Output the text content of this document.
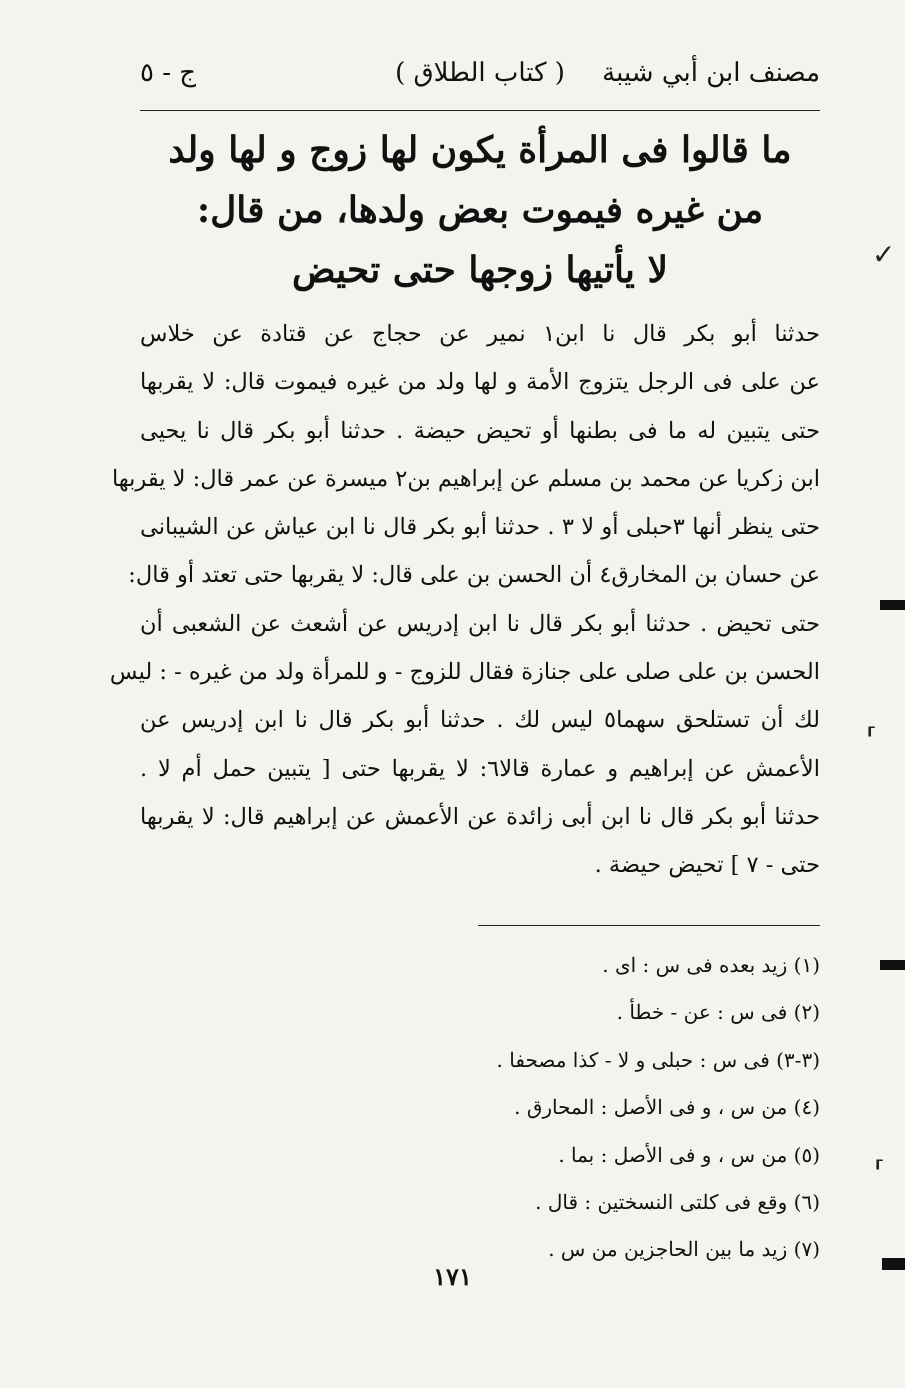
مصنف ابن أبي شيبة
( كتاب الطلاق )
ج - ٥
ما قالوا فى المرأة يكون لها زوج و لها ولد
من غيره فيموت بعض ولدها، من قال:
لا يأتيها زوجها حتى تحيض
حدثنا أبو بكر قال نا ابن١ نمير عن حجاج عن قتادة عن خلاس
عن على فى الرجل يتزوج الأمة و لها ولد من غيره فيموت قال: لا يقربها
حتى يتبين له ما فى بطنها أو تحيض حيضة . حدثنا أبو بكر قال نا يحيى
ابن زكريا عن محمد بن مسلم عن إبراهيم بن٢ ميسرة عن عمر قال: لا يقربها
حتى ينظر أنها ٣حبلى أو لا ٣ . حدثنا أبو بكر قال نا ابن عياش عن الشيبانى
عن حسان بن المخارق٤ أن الحسن بن على قال: لا يقربها حتى تعتد أو قال:
حتى تحيض . حدثنا أبو بكر قال نا ابن إدريس عن أشعث عن الشعبى أن
الحسن بن على صلى على جنازة فقال للزوج - و للمرأة ولد من غيره - : ليس
لك أن تستلحق سهما٥ ليس لك . حدثنا أبو بكر قال نا ابن إدريس عن
الأعمش عن إبراهيم و عمارة قالا٦: لا يقربها حتى [ يتبين حمل أم لا .
حدثنا أبو بكر قال نا ابن أبى زائدة عن الأعمش عن إبراهيم قال: لا يقربها
حتى - ٧ ] تحيض حيضة .
(١) زيد بعده فى س : اى .
(٢) فى س : عن - خطأ .
(٣-٣) فى س : حبلى و لا - كذا مصحفا .
(٤) من س ، و فى الأصل : المحارق .
(٥) من س ، و فى الأصل : بما .
(٦) وقع فى كلتى النسختين : قال .
(٧) زيد ما بين الحاجزين من س .
١٧١
✓
⸢
⸢
